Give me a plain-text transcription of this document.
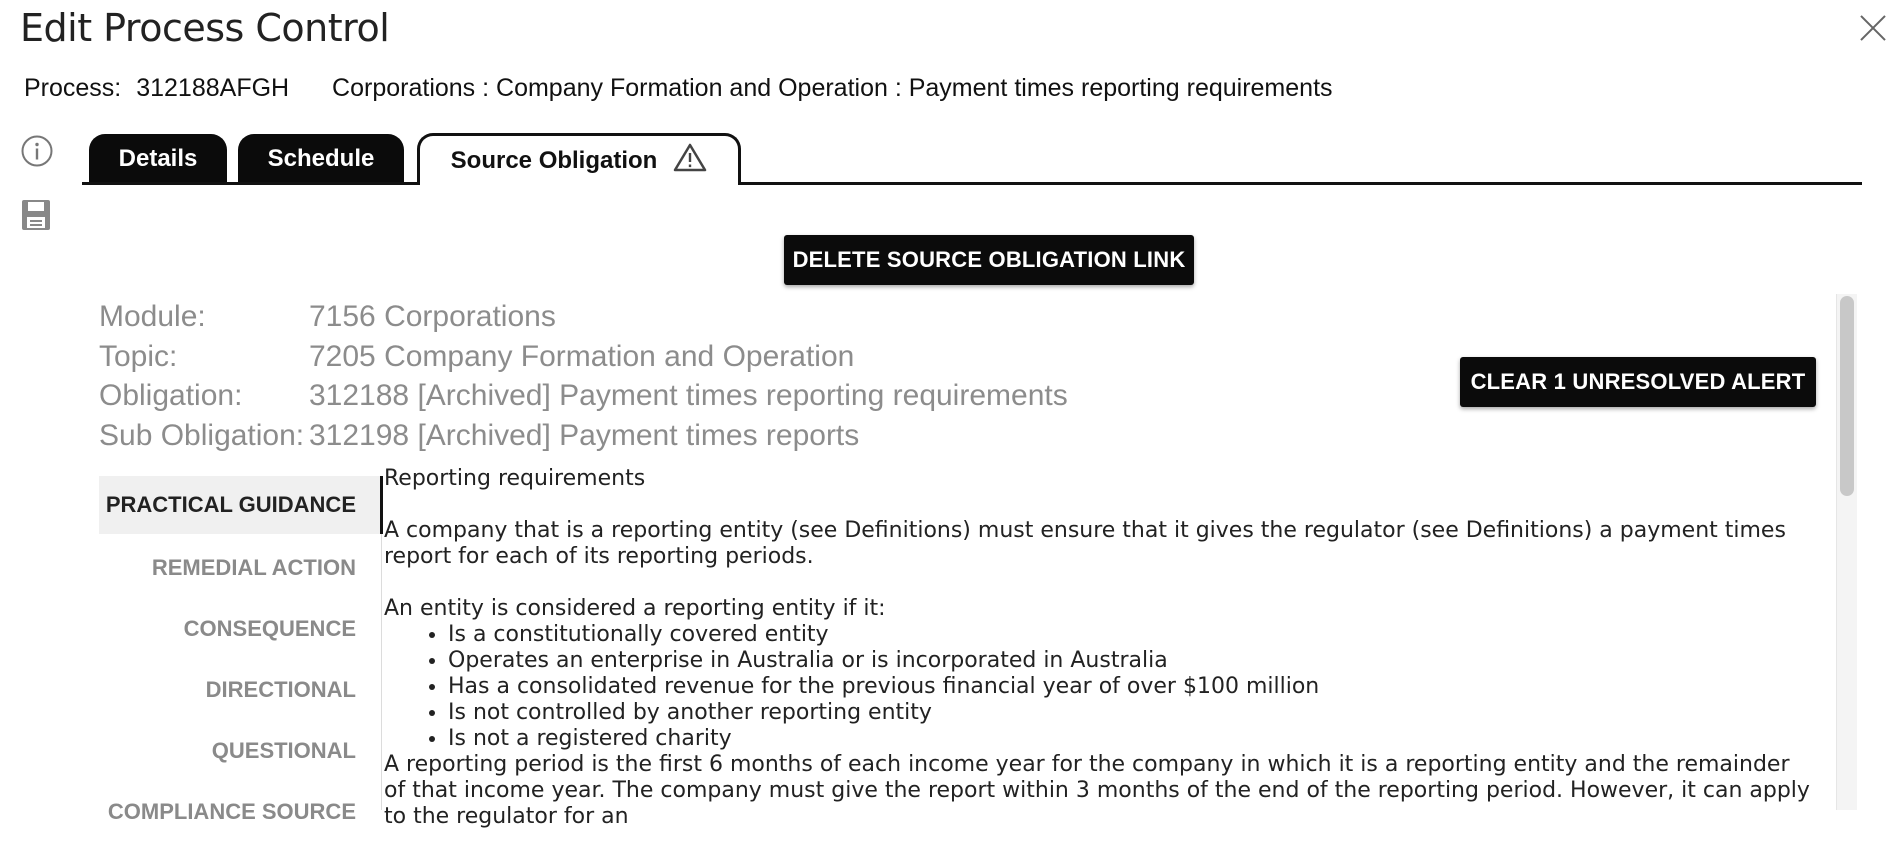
Edit Process Control
Process: 312188AFGH Corporations : Company Formation and Operation : Payment times reporting requirements
Details	Schedule	Source Obligation
DELETE SOURCE OBLIGATION LINK
Module:	7156 Corporations
Topic:	7205 Company Formation and Operation
Obligation:	312188 [Archived] Payment times reporting requirements
Sub Obligation: 312198 [Archived] Payment times reports
CLEAR 1 UNRESOLVED ALERT
PRACTICAL GUIDANCE
REMEDIAL ACTION
CONSEQUENCE
DIRECTIONAL
QUESTIONAL
COMPLIANCE SOURCE

Reporting requirements

A company that is a reporting entity (see Definitions) must ensure that it gives the regulator (see Definitions) a payment times report for each of its reporting periods.

An entity is considered a reporting entity if it:

• Is a constitutionally covered entity
• Operates an enterprise in Australia or is incorporated in Australia
• Has a consolidated revenue for the previous financial year of over $100 million
• Is not controlled by another reporting entity
• Is not a registered charity

A reporting period is the first 6 months of each income year for the company in which it is a reporting entity and the remainder of that income year. The company must give the report within 3 months of the end of the reporting period. However, it can apply to the regulator for an
